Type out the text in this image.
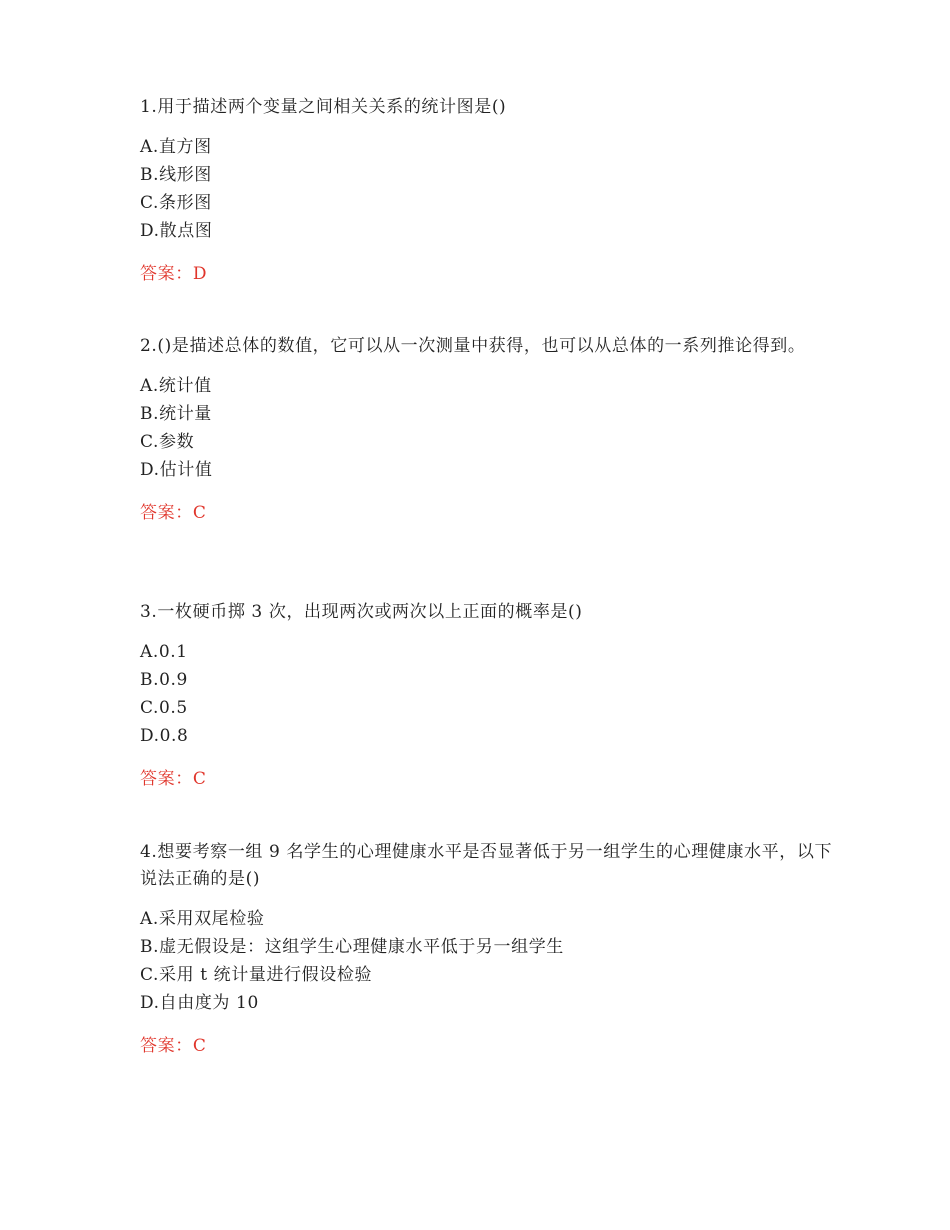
1.用于描述两个变量之间相关关系的统计图是()

A.直方图
B.线形图
C.条形图
D.散点图
答案：D

2.()是描述总体的数值，它可以从一次测量中获得，也可以从总体的一系列推论得到。

A.统计值
B.统计量
C.参数
D.估计值
答案：C

3.一枚硬币掷 3 次，出现两次或两次以上正面的概率是()

A.0.1
B.0.9
C.0.5
D.0.8
答案：C

4.想要考察一组 9 名学生的心理健康水平是否显著低于另一组学生的心理健康水平，以下说法正确的是()

A.采用双尾检验
B.虚无假设是：这组学生心理健康水平低于另一组学生
C.采用 t 统计量进行假设检验
D.自由度为 10
答案：C
